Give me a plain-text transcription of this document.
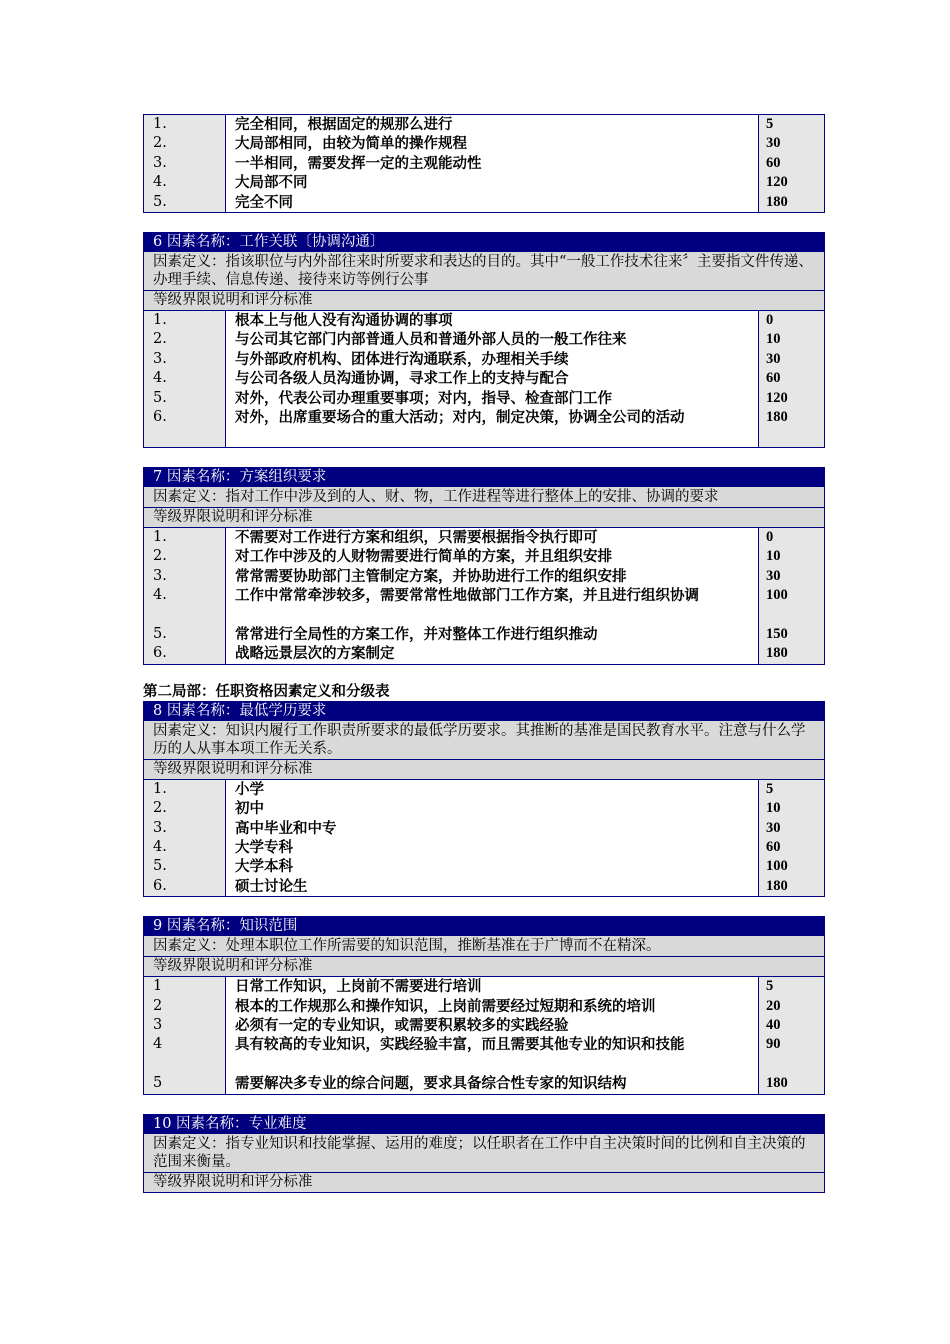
1.
2.
3.
4.
5.
完全相同，根据固定的规那么进行
大局部相同，由较为简单的操作规程
一半相同，需要发挥一定的主观能动性
大局部不同
完全不同
5
30
60
120
180
6 因素名称：工作关联〔协调沟通〕
因素定义：指该职位与内外部往来时所要求和表达的目的。其中“一般工作技术往来〞主要指文件传递、办理手续、信息传递、接待来访等例行公事
等级界限说明和评分标准
1.
2.
3.
4.
5.
6.
根本上与他人没有沟通协调的事项
与公司其它部门内部普通人员和普通外部人员的一般工作往来
与外部政府机构、团体进行沟通联系，办理相关手续
与公司各级人员沟通协调，寻求工作上的支持与配合
对外，代表公司办理重要事项；对内，指导、检查部门工作
对外，出席重要场合的重大活动；对内，制定决策，协调全公司的活动
0
10
30
60
120
180
7 因素名称：方案组织要求
因素定义：指对工作中涉及到的人、财、物，工作进程等进行整体上的安排、协调的要求
等级界限说明和评分标准
1.
2.
3.
4.
5.
6.
不需要对工作进行方案和组织，只需要根据指令执行即可
对工作中涉及的人财物需要进行简单的方案，并且组织安排
常常需要协助部门主管制定方案，并协助进行工作的组织安排
工作中常常牵涉较多，需要常常性地做部门工作方案，并且进行组织协调
常常进行全局性的方案工作，并对整体工作进行组织推动
战略远景层次的方案制定
0
10
30
100
150
180
第二局部：任职资格因素定义和分级表
8 因素名称：最低学历要求
因素定义：知识内履行工作职责所要求的最低学历要求。其推断的基准是国民教育水平。注意与什么学历的人从事本项工作无关系。
等级界限说明和评分标准
1.
2.
3.
4.
5.
6.
小学
初中
高中毕业和中专
大学专科
大学本科
硕士讨论生
5
10
30
60
100
180
9 因素名称：知识范围
因素定义：处理本职位工作所需要的知识范围，推断基准在于广博而不在精深。
等级界限说明和评分标准
1
2
3
4
5
日常工作知识，上岗前不需要进行培训
根本的工作规那么和操作知识，上岗前需要经过短期和系统的培训
必须有一定的专业知识，或需要积累较多的实践经验
具有较高的专业知识，实践经验丰富，而且需要其他专业的知识和技能
需要解决多专业的综合问题，要求具备综合性专家的知识结构
5
20
40
90
180
10 因素名称：专业难度
因素定义：指专业知识和技能掌握、运用的难度；以任职者在工作中自主决策时间的比例和自主决策的范围来衡量。
等级界限说明和评分标准
